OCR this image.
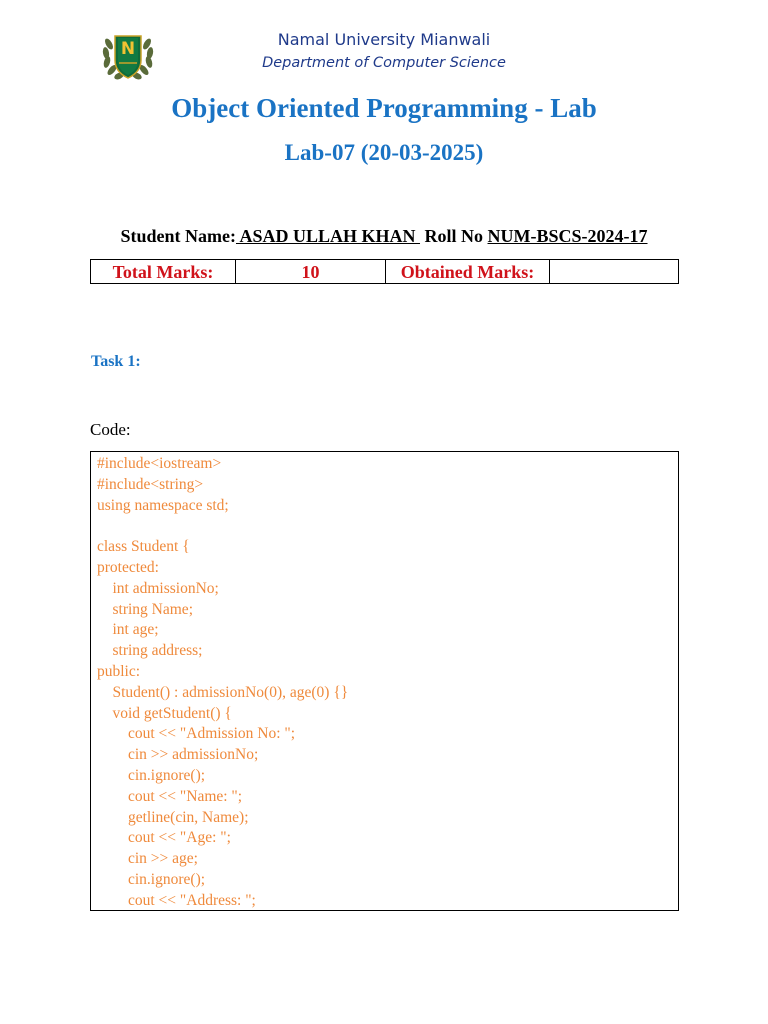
N	Namal University Mianwali
Department of Computer Science
Object Oriented Programming - Lab
Lab-07 (20-03-2025)
Student Name: ASAD ULLAH KHAN  Roll No NUM-BSCS-2024-17
Total Marks:	10	Obtained Marks:	
Task 1:
Code:
#include<iostream>
#include<string>
using namespace std;
class Student {
protected:
int admissionNo;
string Name;
int age;
string address;
public:
Student() : admissionNo(0), age(0) {}
void getStudent() {
cout << "Admission No: ";
cin >> admissionNo;
cin.ignore();
cout << "Name: ";
getline(cin, Name);
cout << "Age: ";
cin >> age;
cin.ignore();
cout << "Address: ";
